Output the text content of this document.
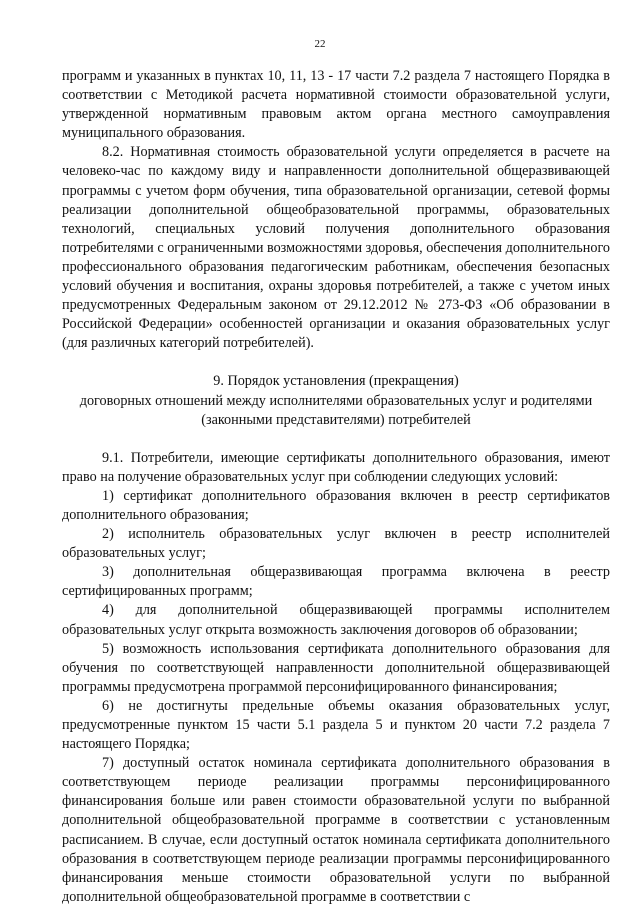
22

программ и указанных в пунктах 10, 11, 13 - 17 части 7.2 раздела 7 настоящего Порядка в соответствии с Методикой расчета нормативной стоимости образовательной услуги, утвержденной нормативным правовым актом органа местного самоуправления муниципального образования.

8.2. Нормативная стоимость образовательной услуги определяется в расчете на человеко-час по каждому виду и направленности дополнительной общеразвивающей программы с учетом форм обучения, типа образовательной организации, сетевой формы реализации дополнительной общеобразовательной программы, образовательных технологий, специальных условий получения дополнительного образования потребителями с ограниченными возможностями здоровья, обеспечения дополнительного профессионального образования педагогическим работникам, обеспечения безопасных условий обучения и воспитания, охраны здоровья потребителей, а также с учетом иных предусмотренных Федеральным законом от 29.12.2012 № 273-ФЗ «Об образовании в Российской Федерации» особенностей организации и оказания образовательных услуг (для различных категорий потребителей).

9. Порядок установления (прекращения)
договорных отношений между исполнителями образовательных услуг и родителями
(законными представителями) потребителей

9.1. Потребители, имеющие сертификаты дополнительного образования, имеют право на получение образовательных услуг при соблюдении следующих условий:

1) сертификат дополнительного образования включен в реестр сертификатов дополнительного образования;

2) исполнитель образовательных услуг включен в реестр исполнителей образовательных услуг;

3) дополнительная общеразвивающая программа включена в реестр сертифицированных программ;

4) для дополнительной общеразвивающей программы исполнителем образовательных услуг открыта возможность заключения договоров об образовании;

5) возможность использования сертификата дополнительного образования для обучения по соответствующей направленности дополнительной общеразвивающей программы предусмотрена программой персонифицированного финансирования;

6) не достигнуты предельные объемы оказания образовательных услуг, предусмотренные пунктом 15 части 5.1 раздела 5 и пунктом 20 части 7.2 раздела 7 настоящего Порядка;

7) доступный остаток номинала сертификата дополнительного образования в соответствующем периоде реализации программы персонифицированного финансирования больше или равен стоимости образовательной услуги по выбранной дополнительной общеобразовательной программе в соответствии с установленным расписанием. В случае, если доступный остаток номинала сертификата дополнительного образования в соответствующем периоде реализации программы персонифицированного финансирования меньше стоимости образовательной услуги по выбранной дополнительной общеобразовательной программе в соответствии с
